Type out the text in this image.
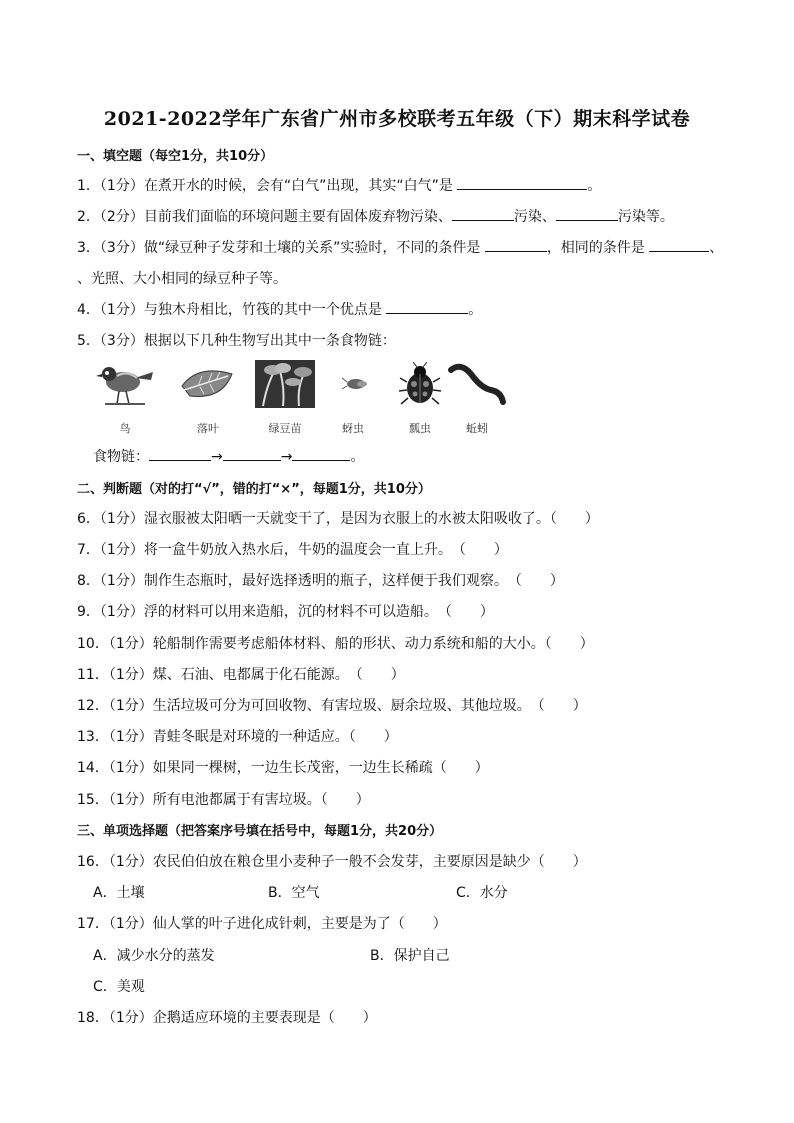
2021-2022学年广东省广州市多校联考五年级（下）期末科学试卷
一、填空题（每空1分，共10分）
1．（1分）在煮开水的时候，会有“白气”出现，其实“白气”是	。
2．（2分）目前我们面临的环境问题主要有固体废弃物污染、	污染、	污染等。
3．（3分）做“绿豆种子发芽和土壤的关系”实验时，不同的条件是	，相同的条件是	、
、光照、大小相同的绿豆种子等。
4．（1分）与独木舟相比，竹筏的其中一个优点是	。
5．（3分）根据以下几种生物写出其中一条食物链：
鸟	落叶	绿豆苗	蚜虫	瓢虫	蚯蚓
食物链：	→	→	。
二、判断题（对的打“√”，错的打“×”，每题1分，共10分）
6．（1分）湿衣服被太阳晒一天就变干了，是因为衣服上的水被太阳吸收了。（　　）
7．（1分）将一盒牛奶放入热水后，牛奶的温度会一直上升。　（　　）
8．（1分）制作生态瓶时，最好选择透明的瓶子，这样便于我们观察。　（　　）
9．（1分）浮的材料可以用来造船，沉的材料不可以造船。　（　　）
10．（1分）轮船制作需要考虑船体材料、船的形状、动力系统和船的大小。（　　）
11．（1分）煤、石油、电都属于化石能源。　（　　）
12．（1分）生活垃圾可分为可回收物、有害垃圾、厨余垃圾、其他垃圾。　（　　）
13．（1分）青蛙冬眠是对环境的一种适应。（　　）
14．（1分）如果同一棵树，一边生长茂密，一边生长稀疏（　　）
15．（1分）所有电池都属于有害垃圾。（　　）
三、单项选择题（把答案序号填在括号中，每题1分，共20分）
16．（1分）农民伯伯放在粮仓里小麦种子一般不会发芽，主要原因是缺少（　　）
A．土壤	B．空气	C．水分
17．（1分）仙人掌的叶子进化成针刺，主要是为了（　　）
A．减少水分的蒸发	B．保护自己
C．美观
18．（1分）企鹅适应环境的主要表现是（　　）
